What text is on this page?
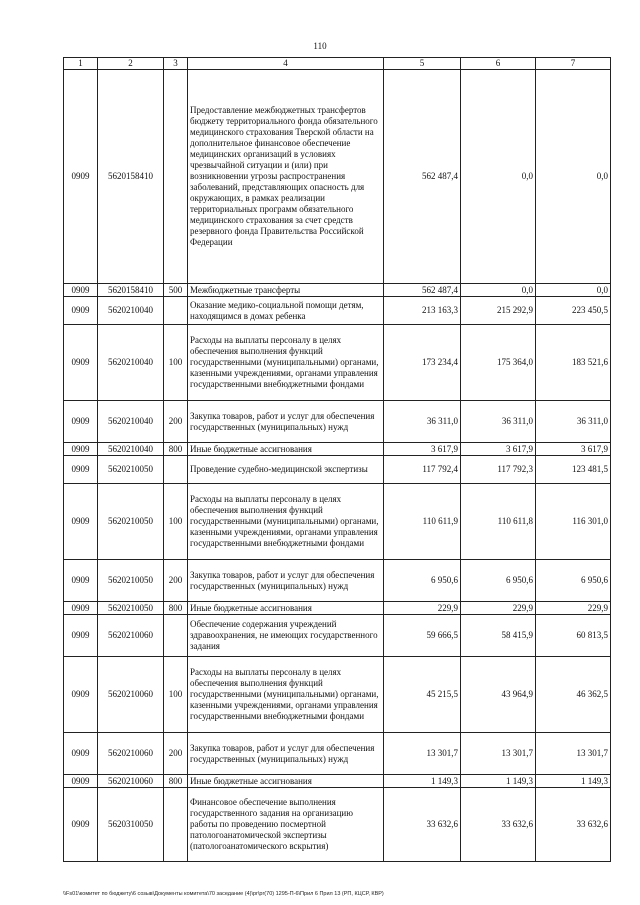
110
1	2	3	4	5	6	7
0909	5620158410		Предоставление межбюджетных трансфертов бюджету территориального фонда обязательного медицинского страхования Тверской области на дополнительное финансовое обеспечение медицинских организаций в условиях чрезвычайной ситуации и (или) при возникновении угрозы распространения заболеваний, представляющих опасность для окружающих, в рамках реализации территориальных программ обязательного медицинского страхования за счет средств резервного фонда Правительства Российской Федерации	562 487,4	0,0	0,0
0909	5620158410	500	Межбюджетные трансферты	562 487,4	0,0	0,0
0909	5620210040		Оказание медико-социальной помощи детям, находящимся в домах ребенка	213 163,3	215 292,9	223 450,5
0909	5620210040	100	Расходы на выплаты персоналу в целях обеспечения выполнения функций государственными (муниципальными) органами, казенными учреждениями, органами управления государственными внебюджетными фондами	173 234,4	175 364,0	183 521,6
0909	5620210040	200	Закупка товаров, работ и услуг для обеспечения государственных (муниципальных) нужд	36 311,0	36 311,0	36 311,0
0909	5620210040	800	Иные бюджетные ассигнования	3 617,9	3 617,9	3 617,9
0909	5620210050		Проведение судебно-медицинской экспертизы	117 792,4	117 792,3	123 481,5
0909	5620210050	100	Расходы на выплаты персоналу в целях обеспечения выполнения функций государственными (муниципальными) органами, казенными учреждениями, органами управления государственными внебюджетными фондами	110 611,9	110 611,8	116 301,0
0909	5620210050	200	Закупка товаров, работ и услуг для обеспечения государственных (муниципальных) нужд	6 950,6	6 950,6	6 950,6
0909	5620210050	800	Иные бюджетные ассигнования	229,9	229,9	229,9
0909	5620210060		Обеспечение содержания учреждений здравоохранения, не имеющих государственного задания	59 666,5	58 415,9	60 813,5
0909	5620210060	100	Расходы на выплаты персоналу в целях обеспечения выполнения функций государственными (муниципальными) органами, казенными учреждениями, органами управления государственными внебюджетными фондами	45 215,5	43 964,9	46 362,5
0909	5620210060	200	Закупка товаров, работ и услуг для обеспечения государственных (муниципальных) нужд	13 301,7	13 301,7	13 301,7
0909	5620210060	800	Иные бюджетные ассигнования	1 149,3	1 149,3	1 149,3
0909	5620310050		Финансовое обеспечение выполнения государственного задания на организацию работы по проведению посмертной патологоанатомической экспертизы (патологоанатомического вскрытия)	33 632,6	33 632,6	33 632,6
\\Fs01\комитет по бюджету\6 созыв\Документы комитета\70 заседание (4)\pr\pr(70) 1295-П-6\Прил 6 Прил 13 (РП, КЦСР, КВР)
